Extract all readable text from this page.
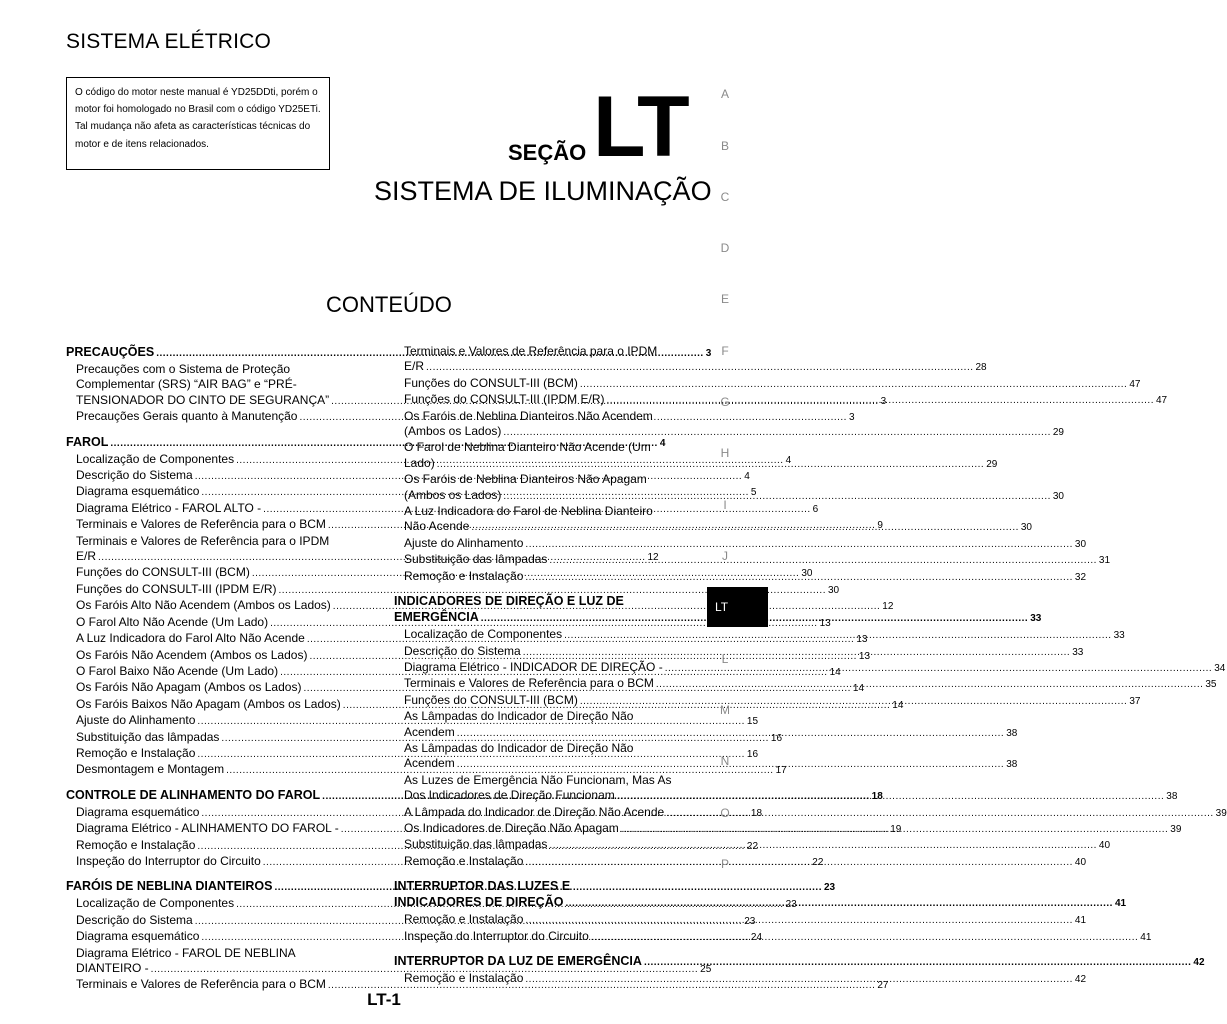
SISTEMA ELÉTRICO
O código do motor neste manual é YD25DDti, porém o
motor foi homologado no Brasil com o código YD25ETi.
Tal mudança não afeta as características técnicas do
motor e de itens relacionados.	SEÇÃO LT
SISTEMA DE ILUMINAÇÃO
CONTEÚDO
PRECAUÇÕES .....	3
Precauções com o Sistema de Proteção
Complementar (SRS) “AIR BAG” e “PRÉ-
TENSIONADOR DO CINTO DE SEGURANÇA” .....	3
Precauções Gerais quanto à Manutenção .....	3
FAROL .....	4
Localização de Componentes .....	4
Descrição do Sistema .....	4
Diagrama esquemático .....	5
Diagrama Elétrico - FAROL ALTO - .....	6
Terminais e Valores de Referência para o BCM .....	9
Terminais e Valores de Referência para o IPDM
E/R .....	12
Funções do CONSULT-III (BCM) .....	30
Funções do CONSULT-III (IPDM E/R) .....	30
Os Faróis Alto Não Acendem (Ambos os Lados) .....	12
O Farol Alto Não Acende (Um Lado) .....	13
A Luz Indicadora do Farol Alto Não Acende .....	13
Os Faróis Não Acendem (Ambos os Lados) .....	13
O Farol Baixo Não Acende (Um Lado) .....	14
Os Faróis Não Apagam (Ambos os Lados) .....	14
Os Faróis Baixos Não Apagam (Ambos os Lados) .....	14
Ajuste do Alinhamento .....	15
Substituição das lâmpadas .....	16
Remoção e Instalação .....	16
Desmontagem e Montagem .....	17
CONTROLE DE ALINHAMENTO DO FAROL .....	18
Diagrama esquemático .....	18
Diagrama Elétrico - ALINHAMENTO DO FAROL - .....	19
Remoção e Instalação .....	22
Inspeção do Interruptor do Circuito .....	22
FARÓIS DE NEBLINA DIANTEIROS .....	23
Localização de Componentes .....	23
Descrição do Sistema .....	23
Diagrama esquemático .....	24
Diagrama Elétrico - FAROL DE NEBLINA
DIANTEIRO - .....	25
Terminais e Valores de Referência para o BCM .....	27
Terminais e Valores de Referência para o IPDM
E/R .....	28
Funções do CONSULT-III (BCM) .....	47
Funções do CONSULT-III (IPDM E/R) .....	47
Os Faróis de Neblina Dianteiros Não Acendem
(Ambos os Lados) .....	29
O Farol de Neblina Dianteiro Não Acende (Um
Lado) .....	29
Os Faróis de Neblina Dianteiros Não Apagam
(Ambos os Lados) .....	30
A Luz Indicadora do Farol de Neblina Dianteiro
Não Acende .....	30
Ajuste do Alinhamento .....	30
Substituição das lâmpadas .....	31
Remoção e Instalação .....	32
INDICADORES DE DIREÇÃO E LUZ DE
EMERGÊNCIA .....	33
Localização de Componentes .....	33
Descrição do Sistema .....	33
Diagrama Elétrico - INDICADOR DE DIREÇÃO - .....	34
Terminais e Valores de Referência para o BCM .....	35
Funções do CONSULT-III (BCM) .....	37
As Lâmpadas do Indicador de Direção Não
Acendem .....	38
As Lâmpadas do Indicador de Direção Não
Acendem .....	38
As Luzes de Emergência Não Funcionam, Mas As
Dos Indicadores de Direção Funcionam .....	38
A Lâmpada do Indicador de Direção Não Acende .....	39
Os Indicadores de Direção Não Apagam .....	39
Substituição das lâmpadas .....	40
Remoção e Instalação .....	40
INTERRUPTOR DAS LUZES E
INDICADORES DE DIREÇÃO .....	41
Remoção e Instalação .....	41
Inspeção do Interruptor do Circuito .....	41
INTERRUPTOR DA LUZ DE EMERGÊNCIA .....	42
Remoção e Instalação .....	42
A
B
C
D
E
F
G
H
I
J
LT
L
M
N
O
P
LT-1
